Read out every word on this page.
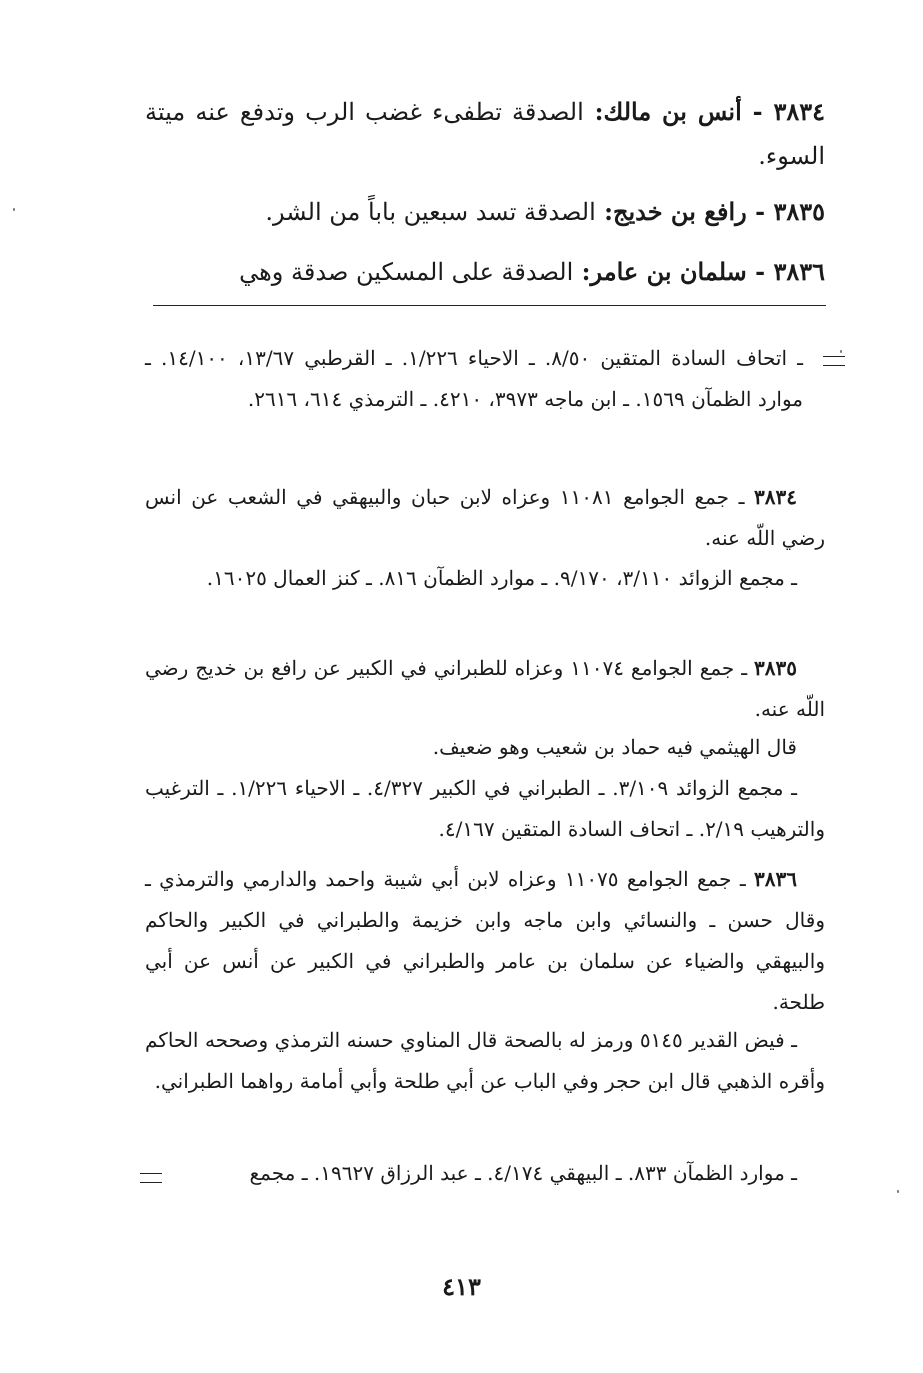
٣٨٣٤ - أنس بن مالك: الصدقة تطفىء غضب الرب وتدفع عنه ميتة السوء.
٣٨٣٥ - رافع بن خديج: الصدقة تسد سبعين باباً من الشر.
٣٨٣٦ - سلمان بن عامر: الصدقة على المسكين صدقة وهي
ـ اتحاف السادة المتقين ٨/٥٠. ـ الاحياء ١/٢٢٦. ـ القرطبي ١٣/٦٧، ١٤/١٠٠. ـ موارد الظمآن ١٥٦٩. ـ ابن ماجه ٣٩٧٣، ٤٢١٠. ـ الترمذي ٦١٤، ٢٦١٦.
٣٨٣٤ ـ جمع الجوامع ١١٠٨١ وعزاه لابن حبان والبيهقي في الشعب عن انس رضي اللّه عنه.
ـ مجمع الزوائد ٣/١١٠، ٩/١٧٠. ـ موارد الظمآن ٨١٦. ـ كنز العمال ١٦٠٢٥.
٣٨٣٥ ـ جمع الجوامع ١١٠٧٤ وعزاه للطبراني في الكبير عن رافع بن خديج رضي اللّه عنه.
قال الهيثمي فيه حماد بن شعيب وهو ضعيف.
ـ مجمع الزوائد ٣/١٠٩. ـ الطبراني في الكبير ٤/٣٢٧. ـ الاحياء ١/٢٢٦. ـ الترغيب والترهيب ٢/١٩. ـ اتحاف السادة المتقين ٤/١٦٧.
٣٨٣٦ ـ جمع الجوامع ١١٠٧٥ وعزاه لابن أبي شيبة واحمد والدارمي والترمذي ـ وقال حسن ـ والنسائي وابن ماجه وابن خزيمة والطبراني في الكبير والحاكم والبيهقي والضياء عن سلمان بن عامر والطبراني في الكبير عن أنس عن أبي طلحة.
ـ فيض القدير ٥١٤٥ ورمز له بالصحة قال المناوي حسنه الترمذي وصححه الحاكم وأقره الذهبي قال ابن حجر وفي الباب عن أبي طلحة وأبي أمامة رواهما الطبراني.
ـ موارد الظمآن ٨٣٣. ـ البيهقي ٤/١٧٤. ـ عبد الرزاق ١٩٦٢٧. ـ مجمع
٤١٣
